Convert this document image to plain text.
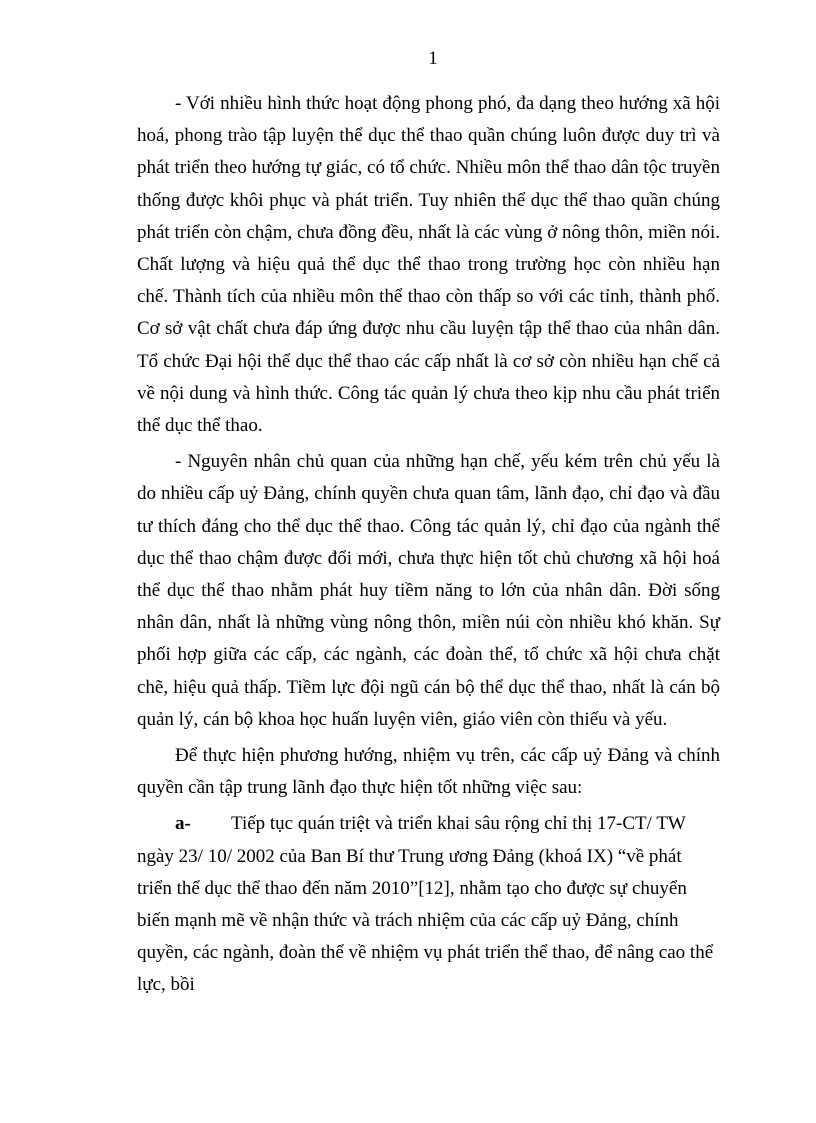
1

- Với nhiều hình thức hoạt động phong phó, đa dạng theo hướng xã hội hoá, phong trào tập luyện thể dục thể thao quần chúng luôn được duy trì và phát triển theo hướng tự giác, có tổ chức. Nhiều môn thể thao dân tộc truyền thống được khôi phục và phát triển. Tuy nhiên thể dục thể thao quần chúng phát triển còn chậm, chưa đồng đều, nhất là các vùng ở nông thôn, miền nói. Chất lượng và hiệu quả thể dục thể thao trong trường học còn nhiều hạn chế. Thành tích của nhiều môn thể thao còn thấp so với các tỉnh, thành phố. Cơ sở vật chất chưa đáp ứng được nhu cầu luyện tập thể thao của nhân dân. Tổ chức Đại hội thể dục thể thao các cấp nhất là cơ sở còn nhiều hạn chế cả về nội dung và hình thức. Công tác quản lý chưa theo kịp nhu cầu phát triển thể dục thể thao.

- Nguyên nhân chủ quan của những hạn chế, yếu kém trên chủ yếu là do nhiều cấp uỷ Đảng, chính quyền chưa quan tâm, lãnh đạo, chỉ đạo và đầu tư thích đáng cho thể dục thể thao. Công tác quản lý, chỉ đạo của ngành thể dục thể thao chậm được đổi mới, chưa thực hiện tốt chủ chương xã hội hoá thể dục thể thao nhằm phát huy tiềm năng to lớn của nhân dân. Đời sống nhân dân, nhất là những vùng nông thôn, miền núi còn nhiều khó khăn. Sự phối hợp giữa các cấp, các ngành, các đoàn thể, tổ chức xã hội chưa chặt chẽ, hiệu quả thấp. Tiềm lực đội ngũ cán bộ thể dục thể thao, nhất là cán bộ quản lý, cán bộ khoa học huấn luyện viên, giáo viên còn thiếu và yếu.

Để thực hiện phương hướng, nhiệm vụ trên, các cấp uỷ Đảng và chính quyền cần tập trung lãnh đạo thực hiện tốt những việc sau:

a- Tiếp tục quán triệt và triển khai sâu rộng chỉ thị 17-CT/ TW ngày 23/ 10/ 2002 của Ban Bí thư Trung ương Đảng (khoá IX) “về phát triển thể dục thể thao đến năm 2010”[12], nhằm tạo cho được sự chuyển biến mạnh mẽ về nhận thức và trách nhiệm của các cấp uỷ Đảng, chính quyền, các ngành, đoàn thể về nhiệm vụ phát triển thể thao, để nâng cao thể lực, bồi
